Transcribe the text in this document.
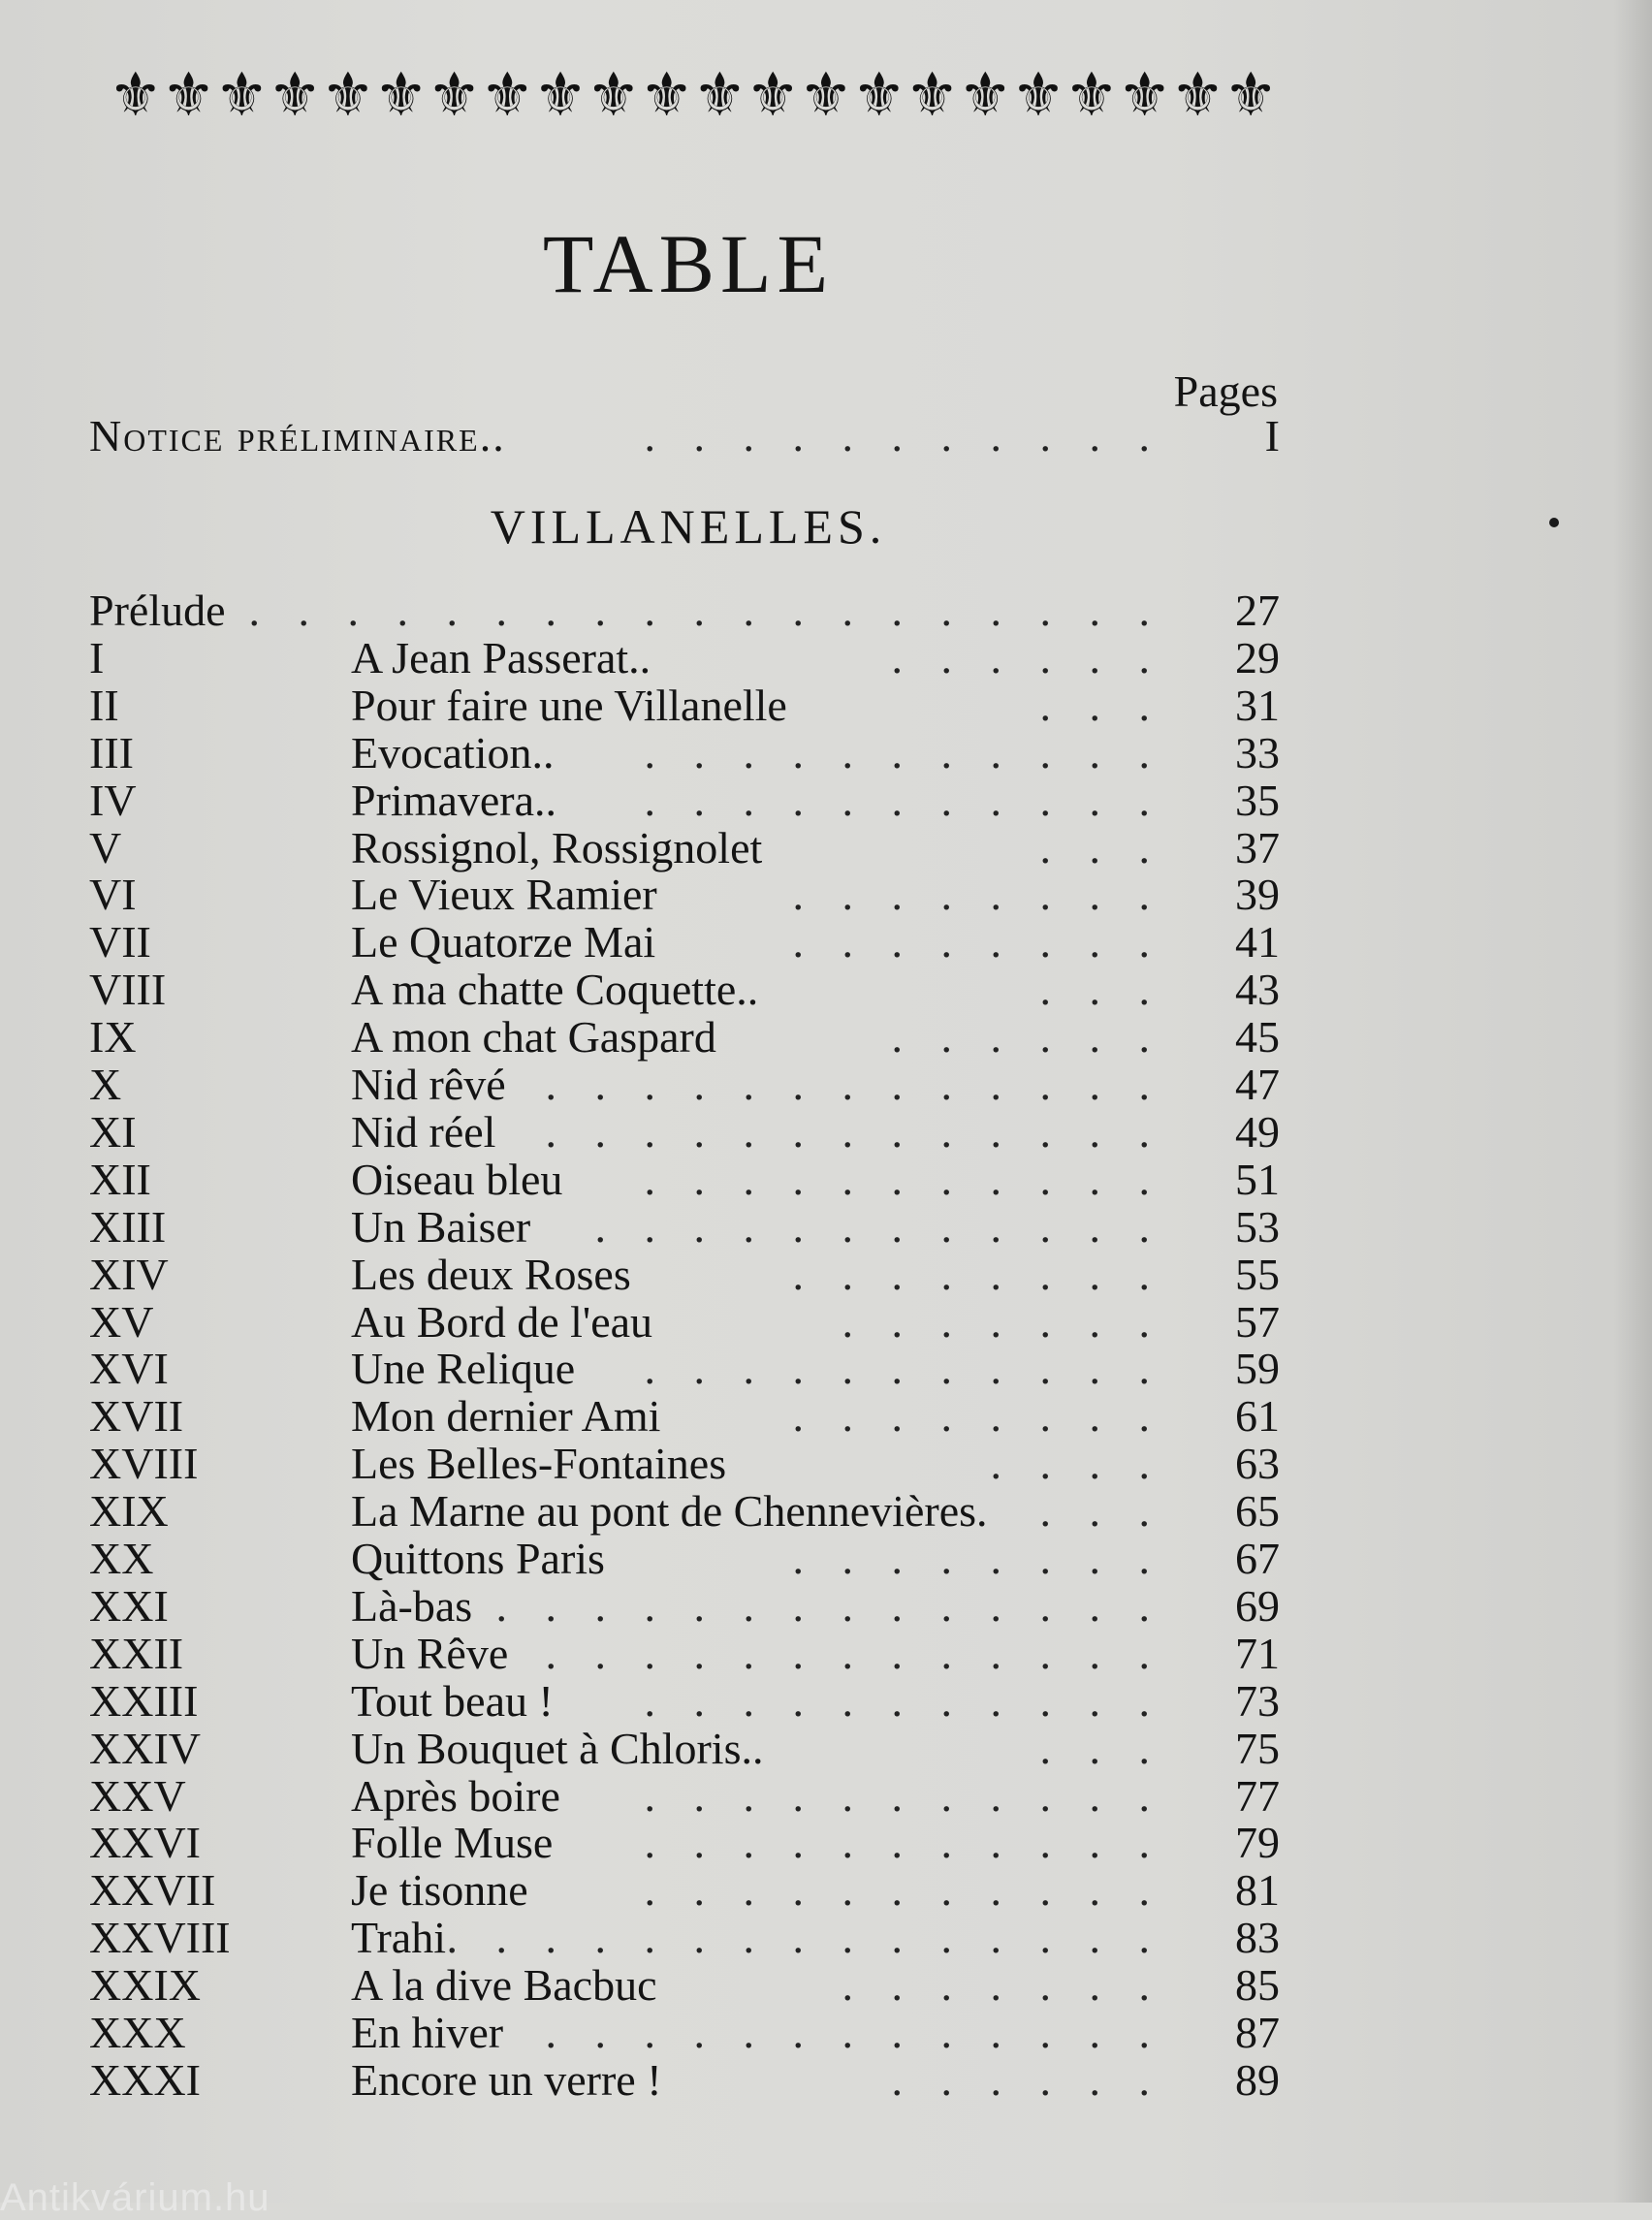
⚜ ⚜ ⚜ ⚜ ⚜ ⚜ ⚜ ⚜ ⚜ ⚜ ⚜ ⚜ ⚜ ⚜ ⚜ ⚜ ⚜ ⚜ ⚜ ⚜ ⚜ ⚜
TABLE
Pages
Notice préliminaire..	. . . . . . . . . . .	I
VILLANELLES.
Prélude . . . . . . . . . . . . . . . . . . .	27
I	A Jean Passerat..	. . . . . .	29
II	Pour faire une Villanelle	. . .	31
III	Evocation.. . . . . . . . . . . .	33
IV	Primavera.. . . . . . . . . . . .	35
V	Rossignol, Rossignolet	. . .	37
VI	Le Vieux Ramier	. . . . . . . .	39
VII	Le Quatorze Mai	. . . . . . . .	41
VIII	A ma chatte Coquette..	. . .	43
IX	A mon chat Gaspard	. . . . . .	45
X	Nid rêvé . . . . . . . . . . . . .	47
XI	Nid réel . . . . . . . . . . . . .	49
XII	Oiseau bleu . . . . . . . . . . .	51
XIII	Un Baiser . . . . . . . . . . . .	53
XIV	Les deux Roses	. . . . . . . .	55
XV	Au Bord de l'eau	. . . . . . .	57
XVI	Une Relique . . . . . . . . . . .	59
XVII	Mon dernier Ami	. . . . . . . .	61
XVIII	Les Belles-Fontaines	. . . .	63
XIX	La Marne au pont de Chennevières. . . .	65
XX	Quittons Paris	. . . . . . . .	67
XXI	Là-bas . . . . . . . . . . . . . .	69
XXII	Un Rêve . . . . . . . . . . . . .	71
XXIII	Tout beau ! . . . . . . . . . . .	73
XXIV	Un Bouquet à Chloris..	. . .	75
XXV	Après boire . . . . . . . . . . .	77
XXVI	Folle Muse . . . . . . . . . . .	79
XXVII	Je tisonne	. . . . . . . . . . .	81
XXVIII	Trahi . . . . . . . . . . . . . . .	83
XXIX	A la dive Bacbuc	. . . . . . .	85
XXX	En hiver . . . . . . . . . . . . .	87
XXXI	Encore un verre !	. . . . . .	89
Antikvárium.hu
